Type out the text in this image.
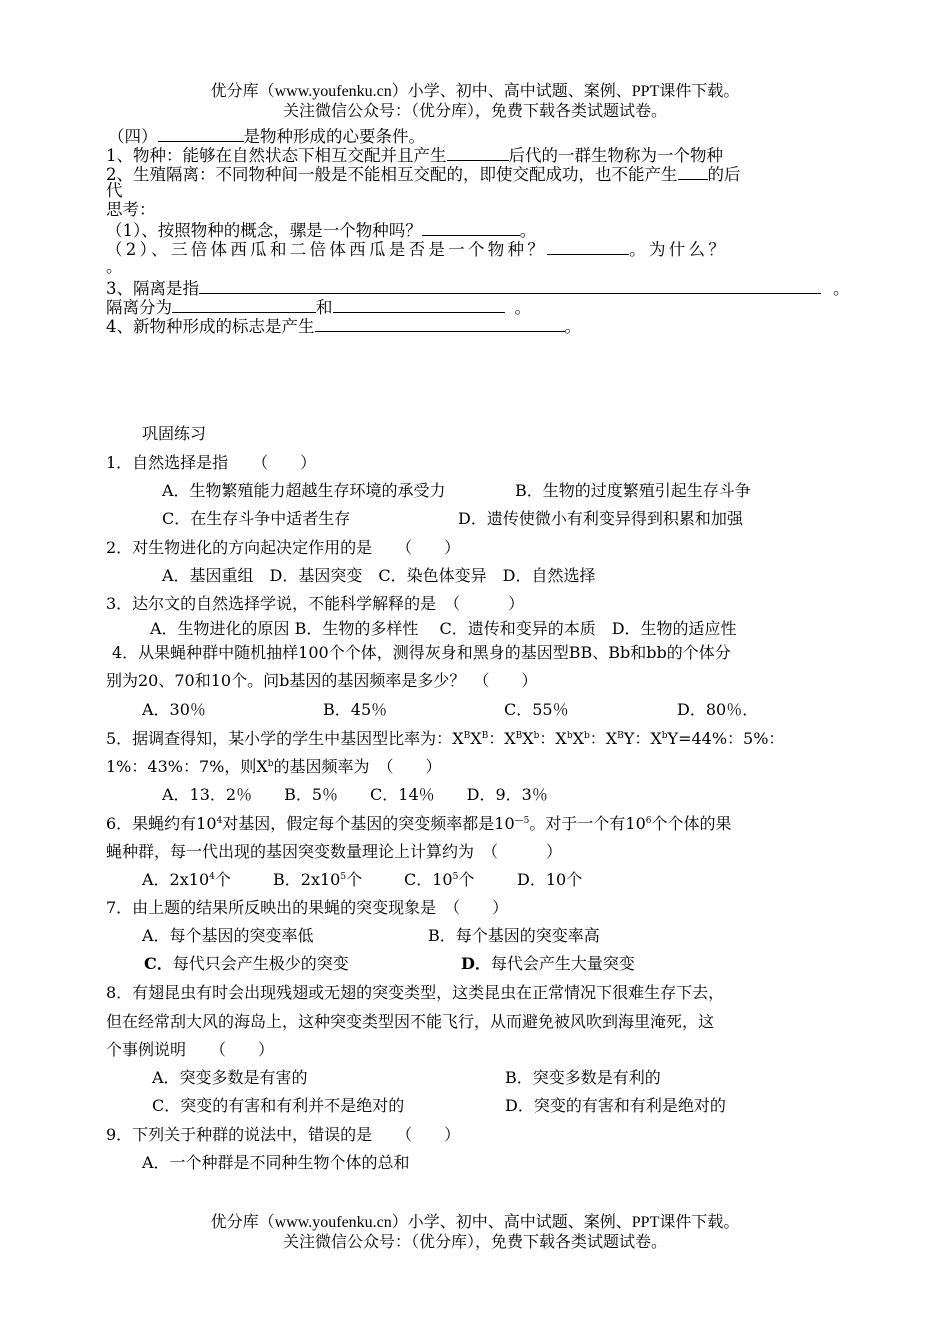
优分库（www.youfenku.cn）小学、初中、高中试题、案例、PPT课件下载。
关注微信公众号：（优分库），免费下载各类试题试卷。
（四）	是物种形成的心要条件。
1、物种：能够在自然状态下相互交配并且产生	后代的一群生物称为一个物种
2、生殖隔离：不同物种间一般是不能相互交配的，即使交配成功，也不能产生 的后
代
思考：
（1）、按照物种的概念，骡是一个物种吗？	。
（2）、三倍体西瓜和二倍体西瓜是否是一个物种？	。为什么？
。
3、隔离是指	。
隔离分为	和	。
4、新物种形成的标志是产生	。
巩固练习
1．自然选择是指　　（　　）
A．生物繁殖能力超越生存环境的承受力	B．生物的过度繁殖引起生存斗争
C．在生存斗争中适者生存	D．遗传使微小有利变异得到积累和加强
2．对生物进化的方向起决定作用的是　　（　　）
A．基因重组　D．基因突变　C．染色体变异　D．自然选择
3．达尔文的自然选择学说，不能科学解释的是　（　　　）
A．生物进化的原因 B．生物的多样性　 C．遗传和变异的本质　D．生物的适应性
4．从果蝇种群中随机抽样100个个体，测得灰身和黑身的基因型BB、Bb和bb的个体分
别为20、70和10个。问b基因的基因频率是多少？　（　　）
A．30％	B．45％	C．55％	D．80％．
5．据调查得知，某小学的学生中基因型比率为：$X^BX^B$：$X^BX^b$：$X^bX^b$：$X^BY$：$X^bY=44\%$：5%：
1%：43%：7%，则$X^b$的基因频率为　（　　）
A．13．2％　　B．5％　　C．14％　　D．9．3％
6．果蝇约有$10^4$对基因，假定每个基因的突变频率都是$10^{—5}$。对于一个有$10^6$个个体的果
蝇种群，每一代出现的基因突变数量理论上计算约为　（　　　）
A．$2x10^4$个	B．$2x10^5$个	C．$10^5$个	D．10个
7．由上题的结果所反映出的果蝇的突变现象是　（　　）
A．每个基因的突变率低	B．每个基因的突变率高
C．每代只会产生极少的突变	D．每代会产生大量突变
8．有翅昆虫有时会出现残翅或无翅的突变类型，这类昆虫在正常情况下很难生存下去，
但在经常刮大风的海岛上，这种突变类型因不能飞行，从而避免被风吹到海里淹死，这
个事例说明　　（　　）
A．突变多数是有害的	B．突变多数是有利的
C．突变的有害和有利并不是绝对的	D．突变的有害和有利是绝对的
9．下列关于种群的说法中，错误的是　　（　　）
A．一个种群是不同种生物个体的总和
优分库（www.youfenku.cn）小学、初中、高中试题、案例、PPT课件下载。
关注微信公众号：（优分库），免费下载各类试题试卷。
